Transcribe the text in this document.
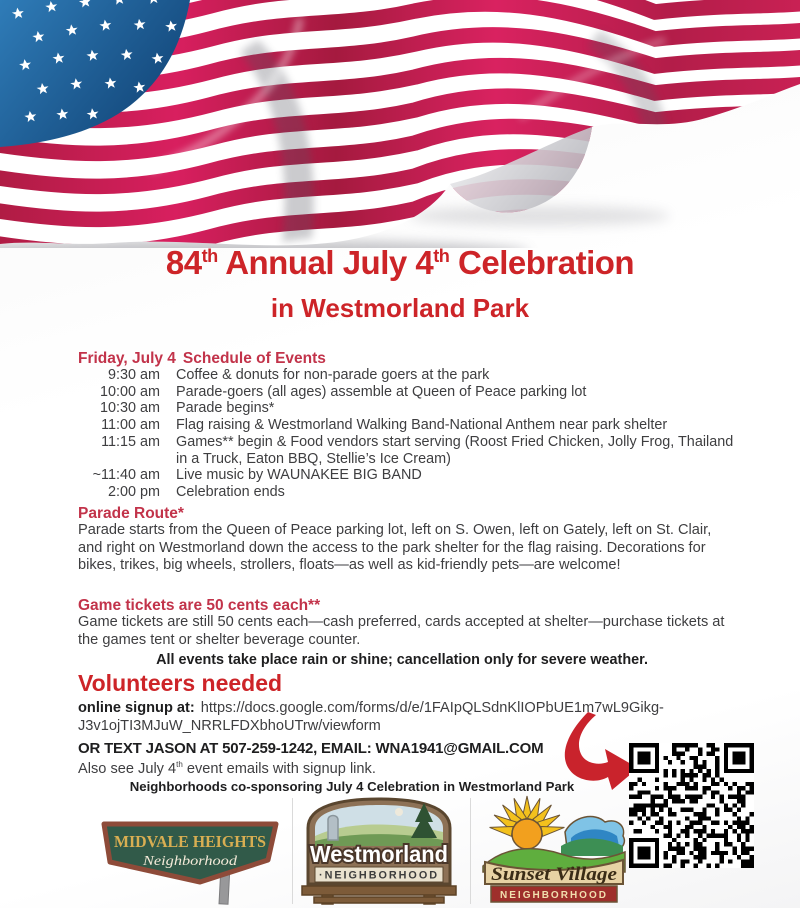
84th Annual July 4th Celebration
in Westmorland Park
Friday, July 4 Schedule of Events
9:30 am Coffee & donuts for non-parade goers at the park
10:00 am Parade-goers (all ages) assemble at Queen of Peace parking lot
10:30 am Parade begins*
11:00 am Flag raising & Westmorland Walking Band-National Anthem near park shelter
11:15 am Games** begin & Food vendors start serving (Roost Fried Chicken, Jolly Frog, Thailand in a Truck, Eaton BBQ, Stellie’s Ice Cream)
~11:40 am Live music by WAUNAKEE BIG BAND
2:00 pm Celebration ends
Parade Route*
Parade starts from the Queen of Peace parking lot, left on S. Owen, left on Gately, left on St. Clair, and right on Westmorland down the access to the park shelter for the flag raising. Decorations for bikes, trikes, big wheels, strollers, floats—as well as kid-friendly pets—are welcome!
Game tickets are 50 cents each**
Game tickets are still 50 cents each—cash preferred, cards accepted at shelter—purchase tickets at the games tent or shelter beverage counter.
All events take place rain or shine; cancellation only for severe weather.
Volunteers needed
online signup at: https://docs.google.com/forms/d/e/1FAIpQLSdnKlIOPbUE1m7wL9Gikg-J3v1ojTI3MJuW_NRRLFDXbhoUTrw/viewform
OR TEXT JASON AT 507-259-1242, EMAIL: WNA1941@GMAIL.COM
Also see July 4th event emails with signup link.
Neighborhoods co-sponsoring July 4 Celebration in Westmorland Park
MIDVALE HEIGHTS
Neighborhood	Westmorland
·NEIGHBORHOOD	Sunset Village
NEIGHBORHOOD
